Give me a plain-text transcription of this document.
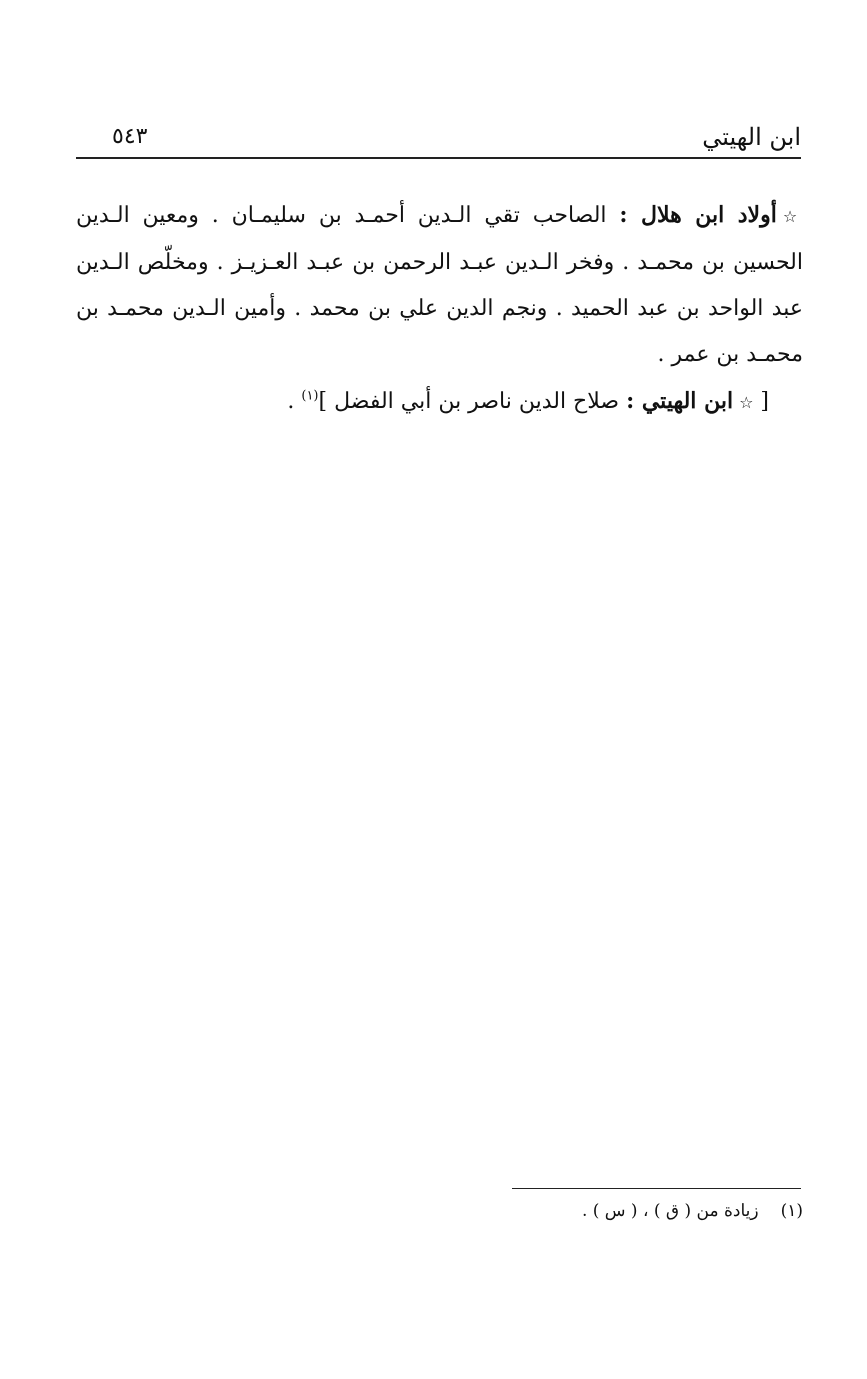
ابن الهيتي
٥٤٣

☆أولاد ابن هلال : الصاحب تقي الـدين أحمـد بن سليمـان . ومعين الـدين الحسين بن محمـد . وفخر الـدين عبـد الرحمن بن عبـد العـزيـز . ومخلّص الـدين عبد الواحد بن عبد الحميد . ونجم الدين علي بن محمد . وأمين الـدين محمـد بن محمـد بن عمر .

[ ☆ابن الهيتي : صلاح الدين ناصر بن أبي الفضل ]$^{(١)}$ .

(١)زيادة من ( ق ) ، ( س ) .
